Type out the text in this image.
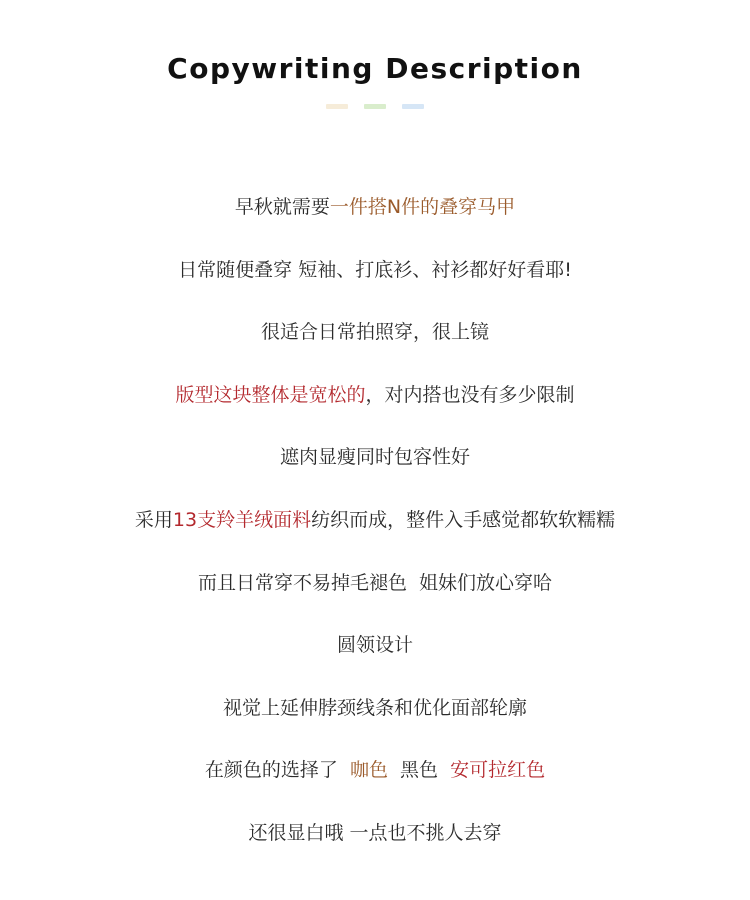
Copywriting Description
早秋就需要一件搭N件的叠穿马甲
日常随便叠穿 短袖、打底衫、衬衫都好好看耶!
很适合日常拍照穿，很上镜
版型这块整体是宽松的，对内搭也没有多少限制
遮肉显瘦同时包容性好
采用13支羚羊绒面料纺织而成，整件入手感觉都软软糯糯
而且日常穿不易掉毛褪色  姐妹们放心穿哈
圆领设计
视觉上延伸脖颈线条和优化面部轮廓
在颜色的选择了  咖色  黑色  安可拉红色
还很显白哦 一点也不挑人去穿
